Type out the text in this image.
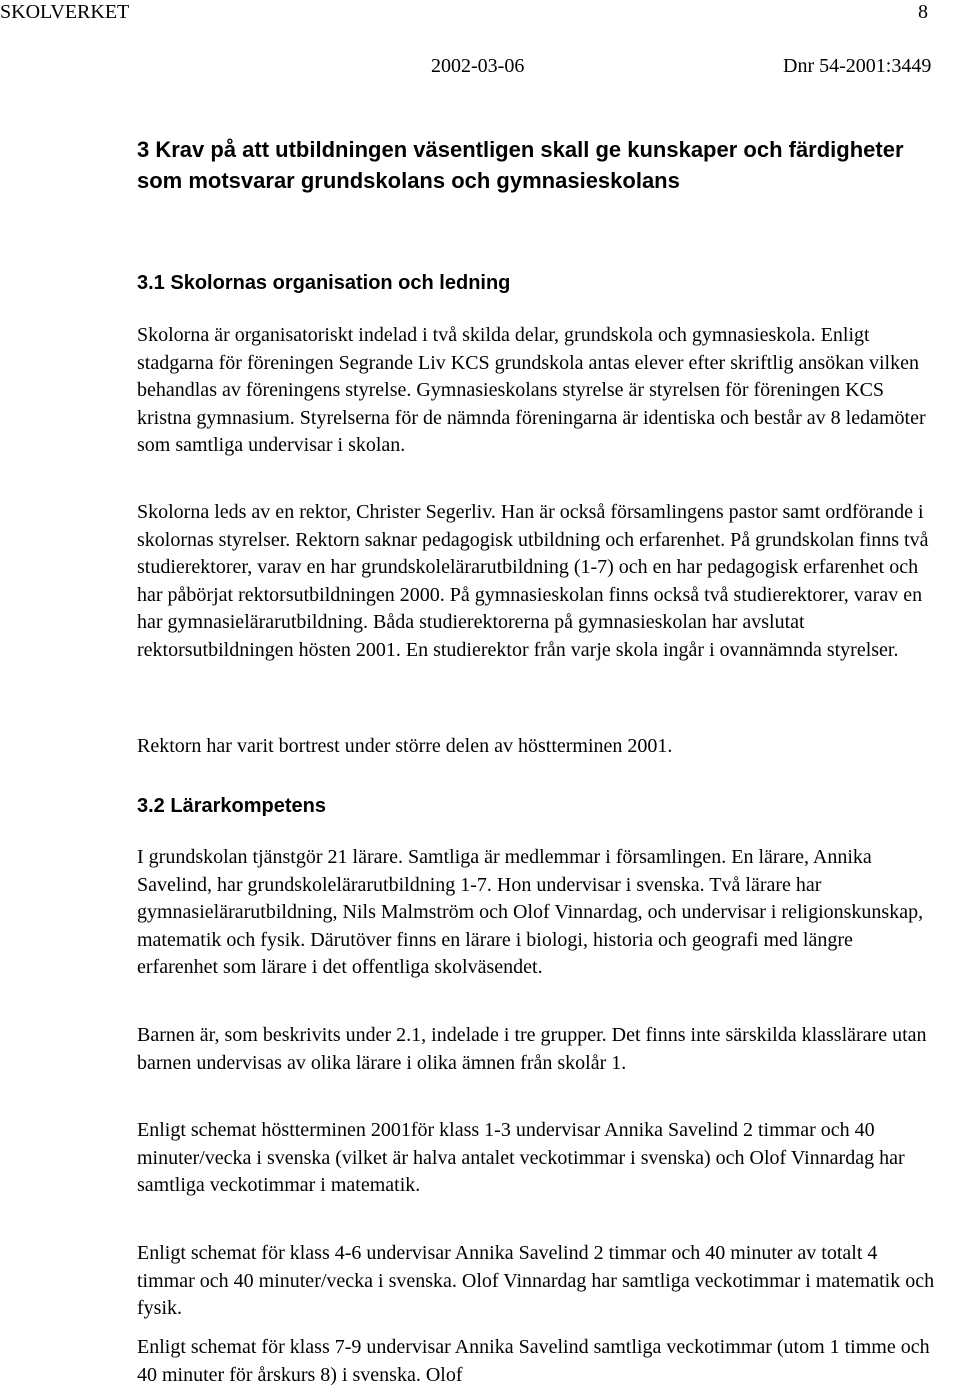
SKOLVERKET	8
2002-03-06	Dnr 54-2001:3449
3 Krav på att utbildningen väsentligen skall ge kunskaper och färdigheter som motsvarar grundskolans och gymnasieskolans
3.1 Skolornas organisation och ledning

Skolorna är organisatoriskt indelad i två skilda delar, grundskola och gymnasieskola. Enligt stadgarna för föreningen Segrande Liv KCS grundskola antas elever efter skriftlig ansökan vilken behandlas av föreningens styrelse. Gymnasieskolans styrelse är styrelsen för föreningen KCS kristna gymnasium. Styrelserna för de nämnda föreningarna är identiska och består av 8 ledamöter som samtliga undervisar i skolan.

Skolorna leds av en rektor, Christer Segerliv. Han är också församlingens pastor samt ordförande i skolornas styrelser. Rektorn saknar pedagogisk utbildning och erfarenhet. På grundskolan finns två studierektorer, varav en har grundskolelärarutbildning (1-7) och en har pedagogisk erfarenhet och har påbörjat rektorsutbildningen 2000. På gymnasieskolan finns också två studierektorer, varav en har gymnasielärarutbildning. Båda studierektorerna på gymnasieskolan har avslutat rektorsutbildningen hösten 2001. En studierektor från varje skola ingår i ovannämnda styrelser.

Rektorn har varit bortrest under större delen av höstterminen 2001.

3.2 Lärarkompetens

I grundskolan tjänstgör 21 lärare. Samtliga är medlemmar i församlingen. En lärare, Annika Savelind, har grundskolelärarutbildning 1-7. Hon undervisar i svenska. Två lärare har gymnasielärarutbildning, Nils Malmström och Olof Vinnardag, och undervisar i religionskunskap, matematik och fysik. Därutöver finns en lärare i biologi, historia och geografi med längre erfarenhet som lärare i det offentliga skolväsendet.

Barnen är, som beskrivits under 2.1, indelade i tre grupper. Det finns inte särskilda klasslärare utan barnen undervisas av olika lärare i olika ämnen från skolår 1.

Enligt schemat höstterminen 2001för klass 1-3 undervisar Annika Savelind 2 timmar och 40 minuter/vecka i svenska (vilket är halva antalet veckotimmar i svenska) och Olof Vinnardag har samtliga veckotimmar i matematik.

Enligt schemat för klass 4-6 undervisar Annika Savelind 2 timmar och 40 minuter av totalt 4 timmar och 40 minuter/vecka i svenska. Olof Vinnardag har samtliga veckotimmar i matematik och fysik.

Enligt schemat för klass 7-9 undervisar Annika Savelind samtliga veckotimmar (utom 1 timme och 40 minuter för årskurs 8) i svenska. Olof
